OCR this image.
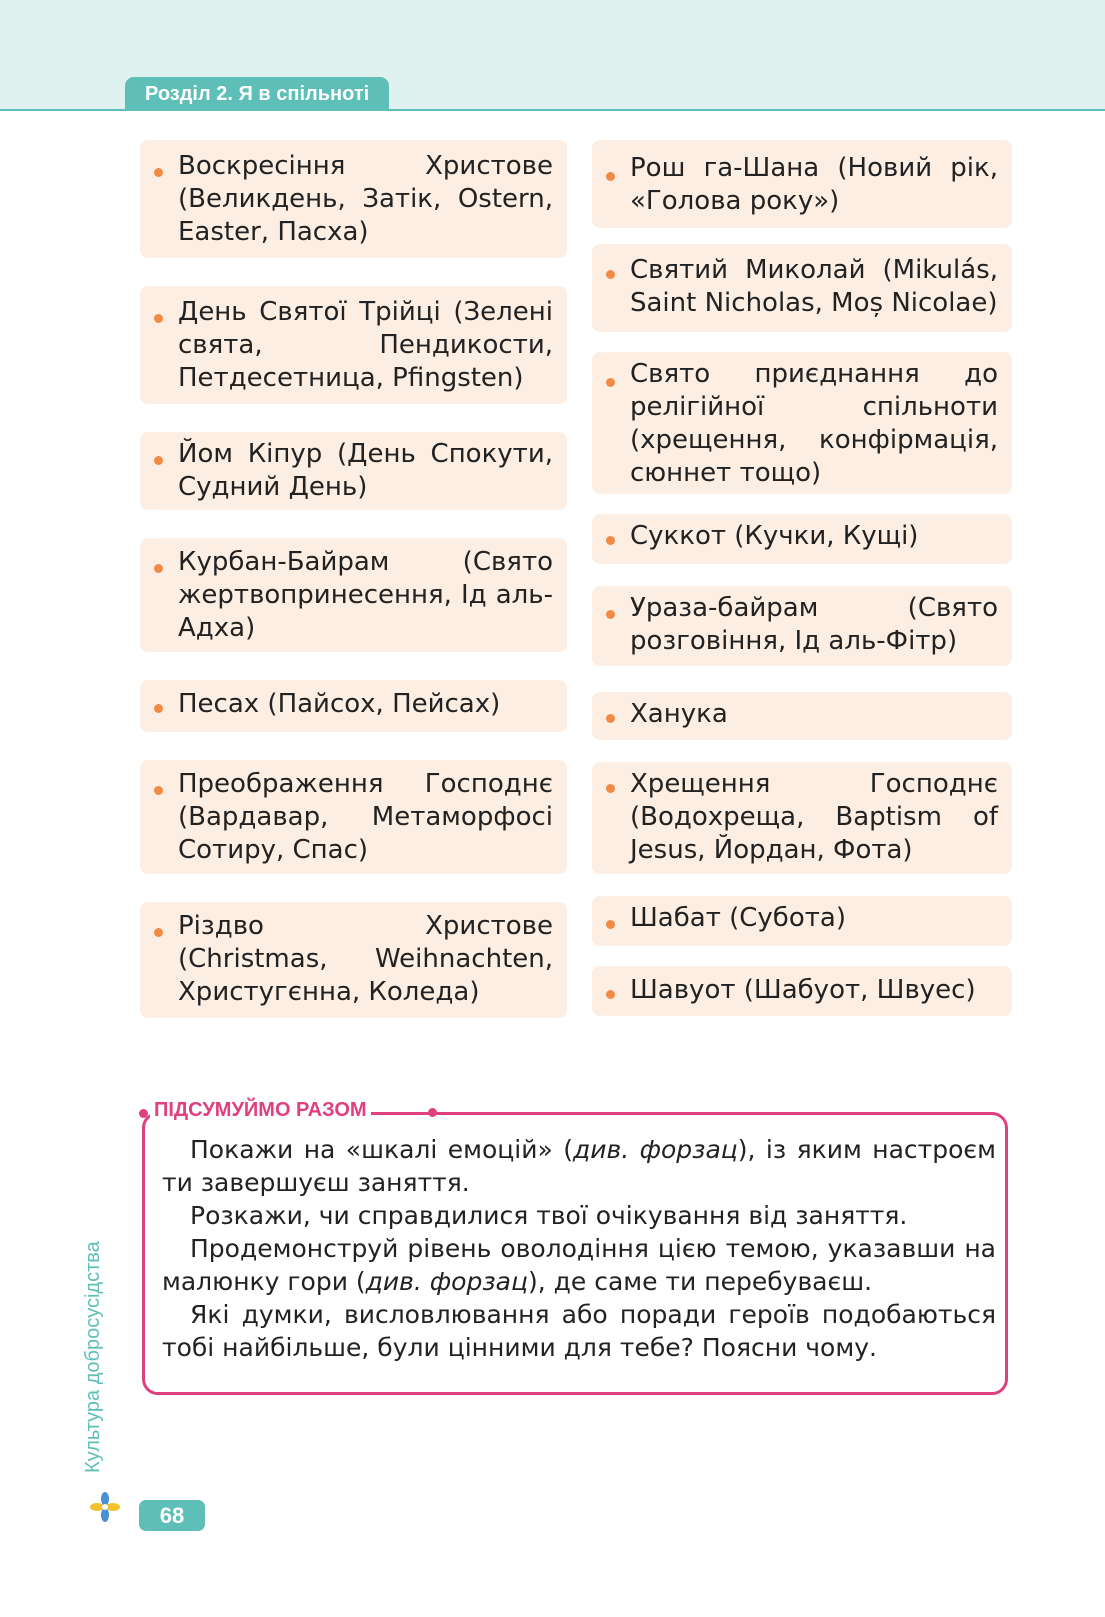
Розділ 2. Я в спільноті
Воскресіння Христове (Великдень, Затік, Ostern, Easter, Пасха)
День Святої Трійці (Зелені свята, Пендикости, Петдесетница, Pfingsten)
Йом Кіпур (День Спокути, Судний День)
Курбан-Байрам (Свято жертвопринесення, Ід аль-Адха)
Песах (Пайсох, Пейсах)
Преображення Господнє (Вардавар, Метаморфосі Сотиру, Спас)
Різдво Христове (Christmas, Weihnachten, Христугєнна, Коледа)
Рош га-Шана (Новий рік, «Голова року»)
Святий Миколай (Mikulás, Saint Nicholas, Moș Nicolae)
Свято приєднання до релігійної спільноти (хрещення, конфірмація, сюннет тощо)
Суккот (Кучки, Кущі)
Ураза-байрам (Свято розговіння, Ід аль-Фітр)
Ханука
Хрещення Господнє (Водохреща, Baptism of Jesus, Йордан, Фота)
Шабат (Субота)
Шавуот (Шабуот, Швуес)
ПІДСУМУЙМО РАЗОМ

Покажи на «шкалі емоцій» (див. форзац), із яким настроєм ти завершуєш заняття.

Розкажи, чи справдилися твої очікування від заняття.

Продемонструй рівень оволодіння цією темою, указавши на малюнку гори (див. форзац), де саме ти перебуваєш.

Які думки, висловлювання або поради героїв подобаються тобі найбільше, були цінними для тебе? Поясни чому.

Культура добросусідства
68
